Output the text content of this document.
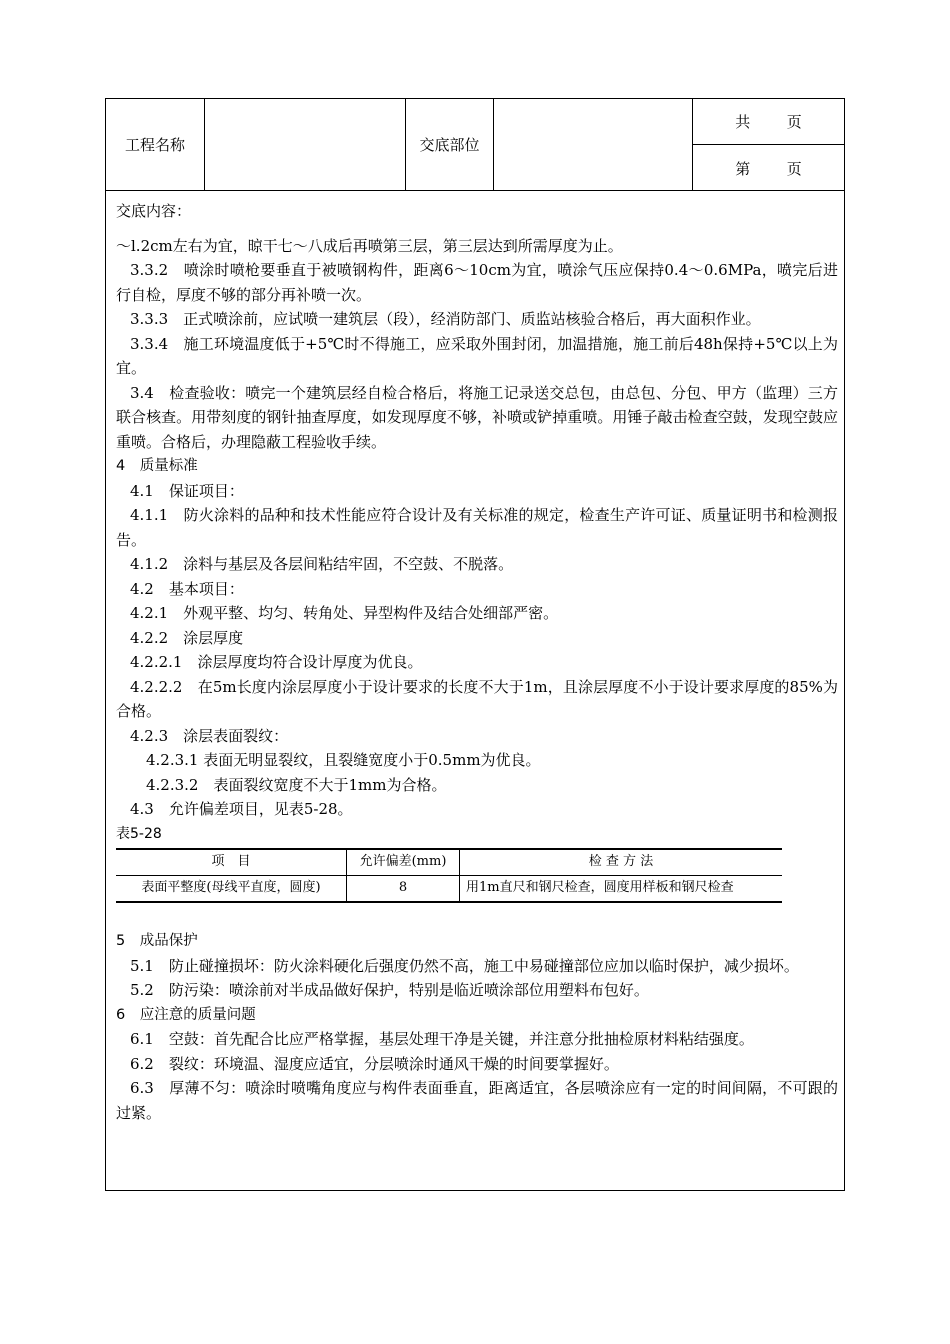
工程名称	交底部位
共 页
第 页

交底内容：

～l.2cm左右为宜，晾干七～八成后再喷第三层，第三层达到所需厚度为止。

3.3.2　喷涂时喷枪要垂直于被喷钢构件，距离6～10cm为宜，喷涂气压应保持0.4～0.6MPa，喷完后进行自检，厚度不够的部分再补喷一次。

3.3.3　正式喷涂前，应试喷一建筑层（段），经消防部门、质监站核验合格后，再大面积作业。

3.3.4　施工环境温度低于+5℃时不得施工，应采取外围封闭，加温措施，施工前后48h保持+5℃以上为宜。

3.4　检查验收：喷完一个建筑层经自检合格后，将施工记录送交总包，由总包、分包、甲方（监理）三方联合核查。用带刻度的钢针抽查厚度，如发现厚度不够，补喷或铲掉重喷。用锤子敲击检查空鼓，发现空鼓应重喷。合格后，办理隐蔽工程验收手续。

4　质量标准

4.1　保证项目：

4.1.1　防火涂料的品种和技术性能应符合设计及有关标准的规定，检查生产许可证、质量证明书和检测报告。

4.1.2　涂料与基层及各层间粘结牢固，不空鼓、不脱落。

4.2　基本项目：

4.2.1　外观平整、均匀、转角处、异型构件及结合处细部严密。

4.2.2　涂层厚度

4.2.2.1　涂层厚度均符合设计厚度为优良。

4.2.2.2　在5m长度内涂层厚度小于设计要求的长度不大于1m，且涂层厚度不小于设计要求厚度的85%为合格。

4.2.3　涂层表面裂纹：

4.2.3.1 表面无明显裂纹，且裂缝宽度小于0.5mm为优良。

4.2.3.2　表面裂纹宽度不大于1mm为合格。

4.3　允许偏差项目，见表5-28。

表5-28

项　目	允许偏差(mm)	检 查 方 法
表面平整度(母线平直度，圆度)	8	用1m直尺和钢尺检查，圆度用样板和钢尺检查

5　成品保护

5.1　防止碰撞损坏：防火涂料硬化后强度仍然不高，施工中易碰撞部位应加以临时保护，减少损坏。

5.2　防污染：喷涂前对半成品做好保护，特别是临近喷涂部位用塑料布包好。

6　应注意的质量问题

6.1　空鼓：首先配合比应严格掌握，基层处理干净是关键，并注意分批抽检原材料粘结强度。

6.2　裂纹：环境温、湿度应适宜，分层喷涂时通风干燥的时间要掌握好。

6.3　厚薄不匀：喷涂时喷嘴角度应与构件表面垂直，距离适宜，各层喷涂应有一定的时间间隔，不可跟的过紧。
